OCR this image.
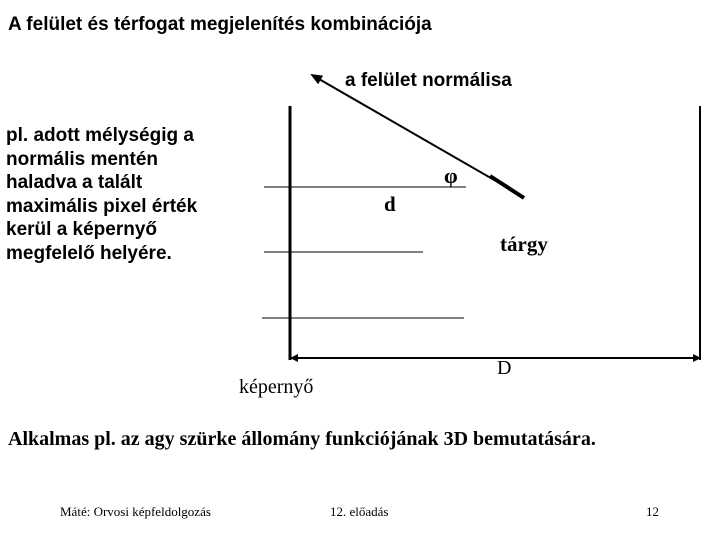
A felület és térfogat megjelenítés kombinációja
a felület normálisa
pl. adott mélységig a
normális mentén
haladva a talált
maximális pixel érték
kerül a képernyő
megfelelő helyére.
φ
d
tárgy
D
képernyő
Alkalmas pl. az agy szürke állomány funkciójának 3D bemutatására.
Máté: Orvosi képfeldolgozás	12. előadás	12
